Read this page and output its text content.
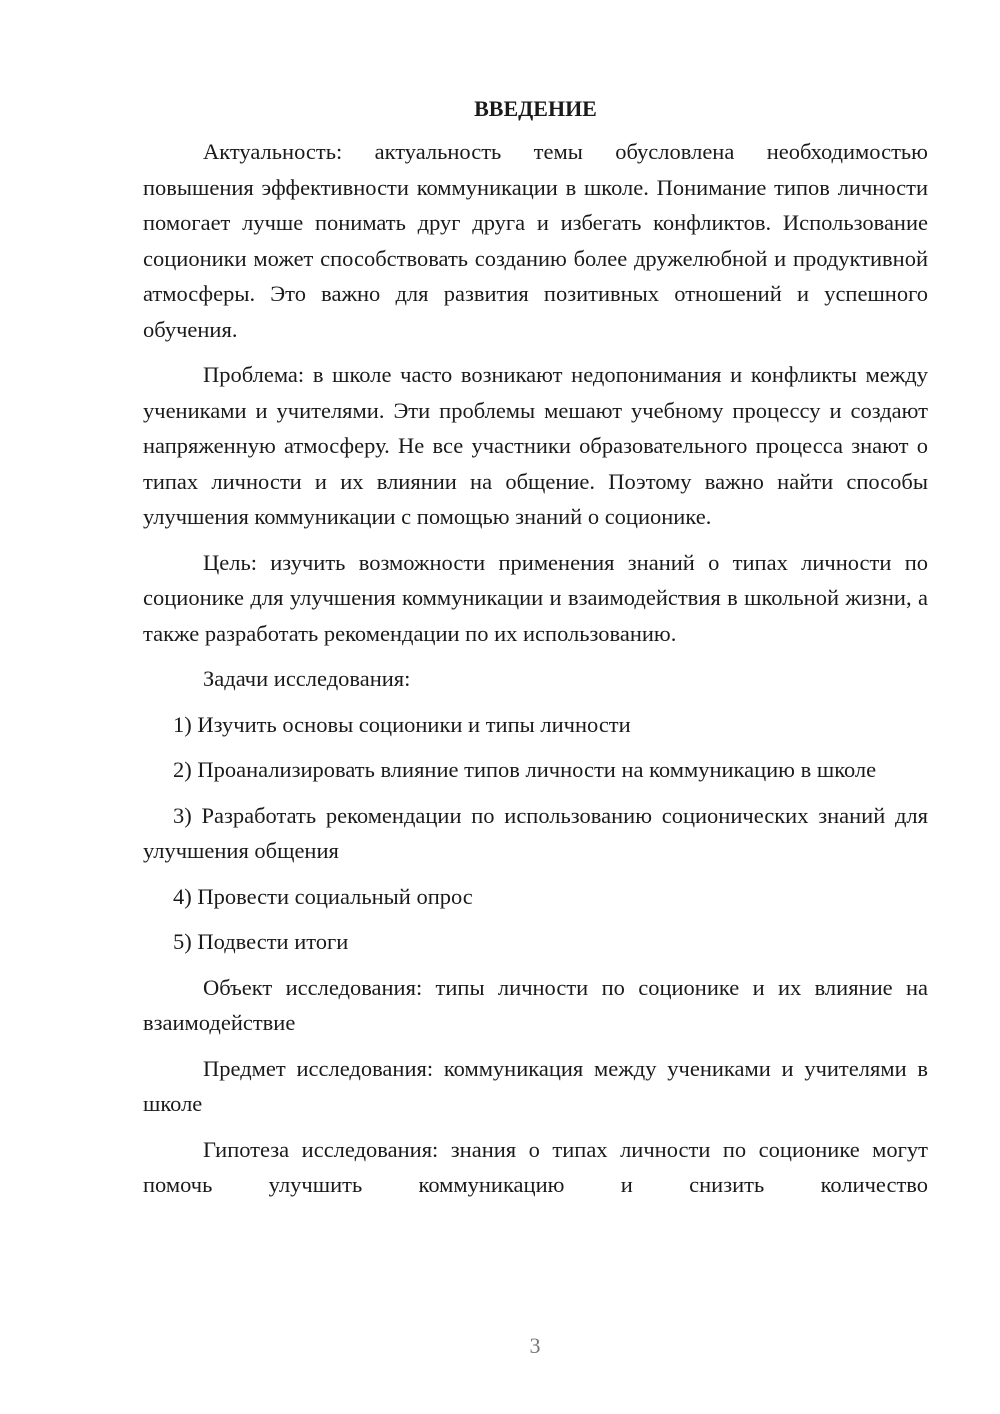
ВВЕДЕНИЕ

Актуальность: актуальность темы обусловлена необходимостью повышения эффективности коммуникации в школе. Понимание типов личности помогает лучше понимать друг друга и избегать конфликтов. Использование соционики может способствовать созданию более дружелюбной и продуктивной атмосферы. Это важно для развития позитивных отношений и успешного обучения.

Проблема: в школе часто возникают недопонимания и конфликты между учениками и учителями. Эти проблемы мешают учебному процессу и создают напряженную атмосферу. Не все участники образовательного процесса знают о типах личности и их влиянии на общение. Поэтому важно найти способы улучшения коммуникации с помощью знаний о соционике.

Цель: изучить возможности применения знаний о типах личности по соционике для улучшения коммуникации и взаимодействия в школьной жизни, а также разработать рекомендации по их использованию.

Задачи исследования:

1) Изучить основы соционики и типы личности

2) Проанализировать влияние типов личности на коммуникацию в школе

3) Разработать рекомендации по использованию соционических знаний для улучшения общения

4) Провести социальный опрос

5) Подвести итоги

Объект исследования: типы личности по соционике и их влияние на взаимодействие

Предмет исследования: коммуникация между учениками и учителями в школе

Гипотеза исследования: знания о типах личности по соционике могут помочь улучшить коммуникацию и снизить количество

3
